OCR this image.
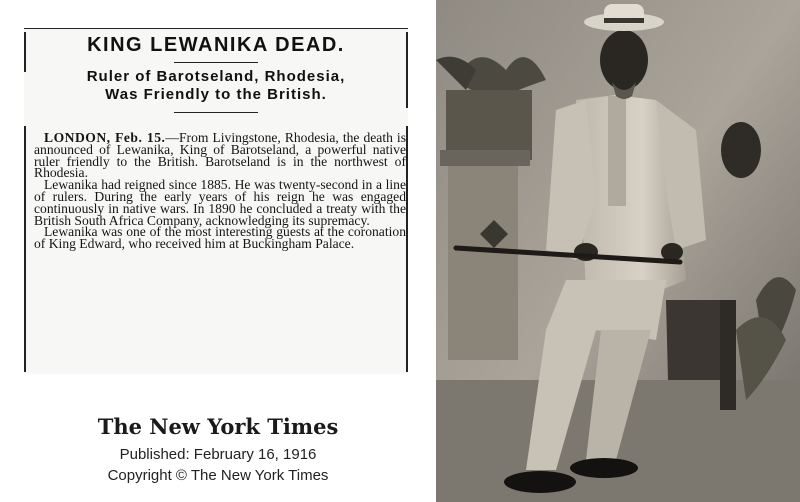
KING LEWANIKA DEAD.

Ruler of Barotseland, Rhodesia,

Was Friendly to the British.

LONDON, Feb. 15.—From Livingstone, Rhodesia, the death is announced of Lewanika, King of Barotseland, a powerful native ruler friendly to the British. Barotseland is in the northwest of Rhodesia.

Lewanika had reigned since 1885. He was twenty-second in a line of rulers. During the early years of his reign he was engaged continuously in native wars. In 1890 he concluded a treaty with the British South Africa Company, acknowledging its supremacy.

Lewanika was one of the most interesting guests at the coronation of King Edward, who received him at Buckingham Palace.

The New York Times

Published: February 16, 1916

Copyright © The New York Times
